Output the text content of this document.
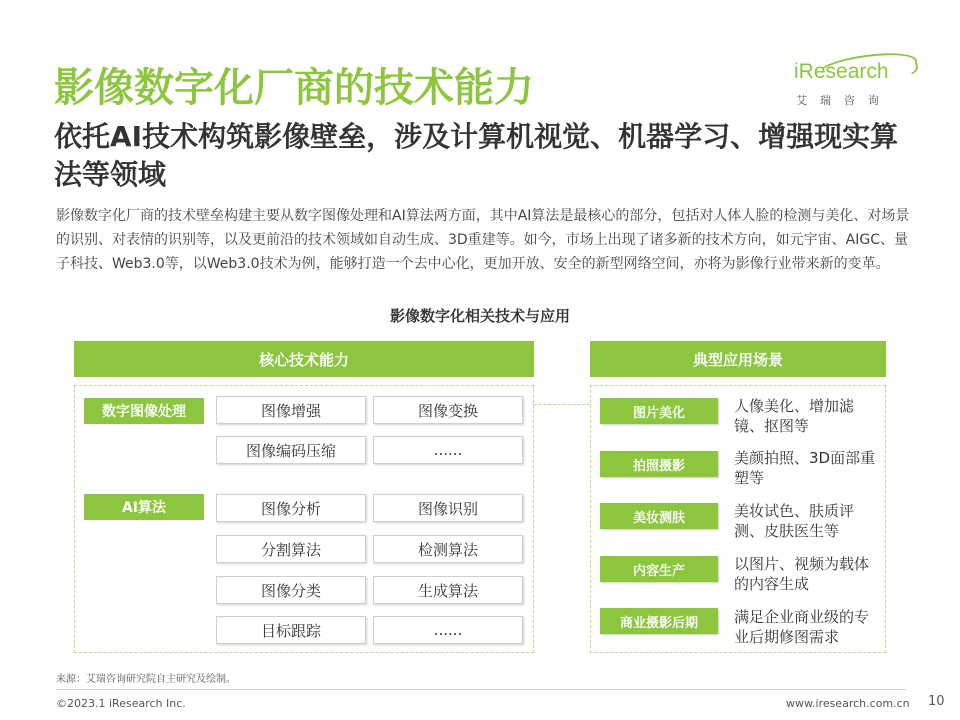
影像数字化厂商的技术能力	iResearch
艾瑞咨询
依托AI技术构筑影像壁垒，涉及计算机视觉、机器学习、增强现实算法等领域
影像数字化厂商的技术壁垒构建主要从数字图像处理和AI算法两方面，其中AI算法是最核心的部分，包括对人体人脸的检测与美化、对场景的识别、对表情的识别等，以及更前沿的技术领域如自动生成、3D重建等。如今，市场上出现了诸多新的技术方向，如元宇宙、AIGC、量子科技、Web3.0等，以Web3.0技术为例，能够打造一个去中心化，更加开放、安全的新型网络空间，亦将为影像行业带来新的变革。
影像数字化相关技术与应用
核心技术能力	典型应用场景
数字图像处理	图像增强	图像变换
图像编码压缩	......
AI算法	图像分析	图像识别
分割算法	检测算法
图像分类	生成算法
目标跟踪	......
图片美化	人像美化、增加滤镜、抠图等
拍照摄影	美颜拍照、3D面部重塑等
美妆测肤	美妆试色、肤质评测、皮肤医生等
内容生产	以图片、视频为载体的内容生成
商业摄影后期	满足企业商业级的专业后期修图需求
来源：艾瑞咨询研究院自主研究及绘制。
©2023.1 iResearch Inc.	www.iresearch.com.cn 10
